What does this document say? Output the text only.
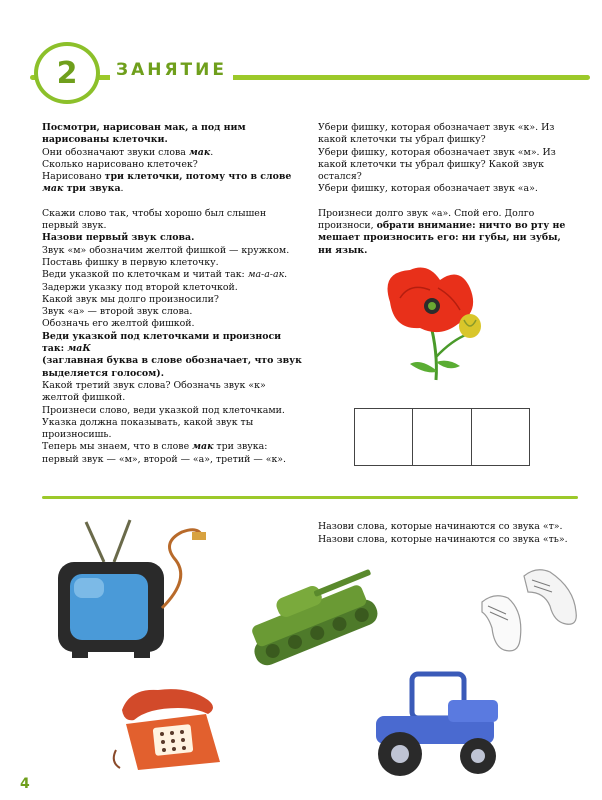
2	ЗАНЯТИЕ

Посмотри, нарисован мак, а под ним нарисованы клеточки.

Они обозначают звуки слова мак.

Сколько нарисовано клеточек?

Нарисовано три клеточки, потому что в слове мак три звука.

Скажи слово так, чтобы хорошо был слышен первый звук.

Назови первый звук слова.

Звук «м» обозначим желтой фишкой — кружком.

Поставь фишку в первую клеточку.

Веди указкой по клеточкам и читай так: ма-а-ак.

Задержи указку под второй клеточкой.

Какой звук мы долго произносили?

Звук «а» — второй звук слова.

Обозначь его желтой фишкой.

Веди указкой под клеточками и произноси так: маК

(заглавная буква в слове обозначает, что звук выделяется голосом).

Какой третий звук слова? Обозначь звук «к» желтой фишкой.

Произнеси слово, веди указкой под клеточками.

Указка должна показывать, какой звук ты произносишь.

Теперь мы знаем, что в слове мак три звука: первый звук — «м», второй — «а», третий — «к».

Убери фишку, которая обозначает звук «к». Из какой клеточки ты убрал фишку?

Убери фишку, которая обозначает звук «м». Из какой клеточки ты убрал фишку? Какой звук остался?

Убери фишку, которая обозначает звук «а».

Произнеси долго звук «а». Спой его. Долго произноси, обрати внимание: ничто во рту не мешает произносить его: ни губы, ни зубы, ни язык.

Назови слова, которые начинаются со звука «т».

Назови слова, которые начинаются со звука «ть».

4
